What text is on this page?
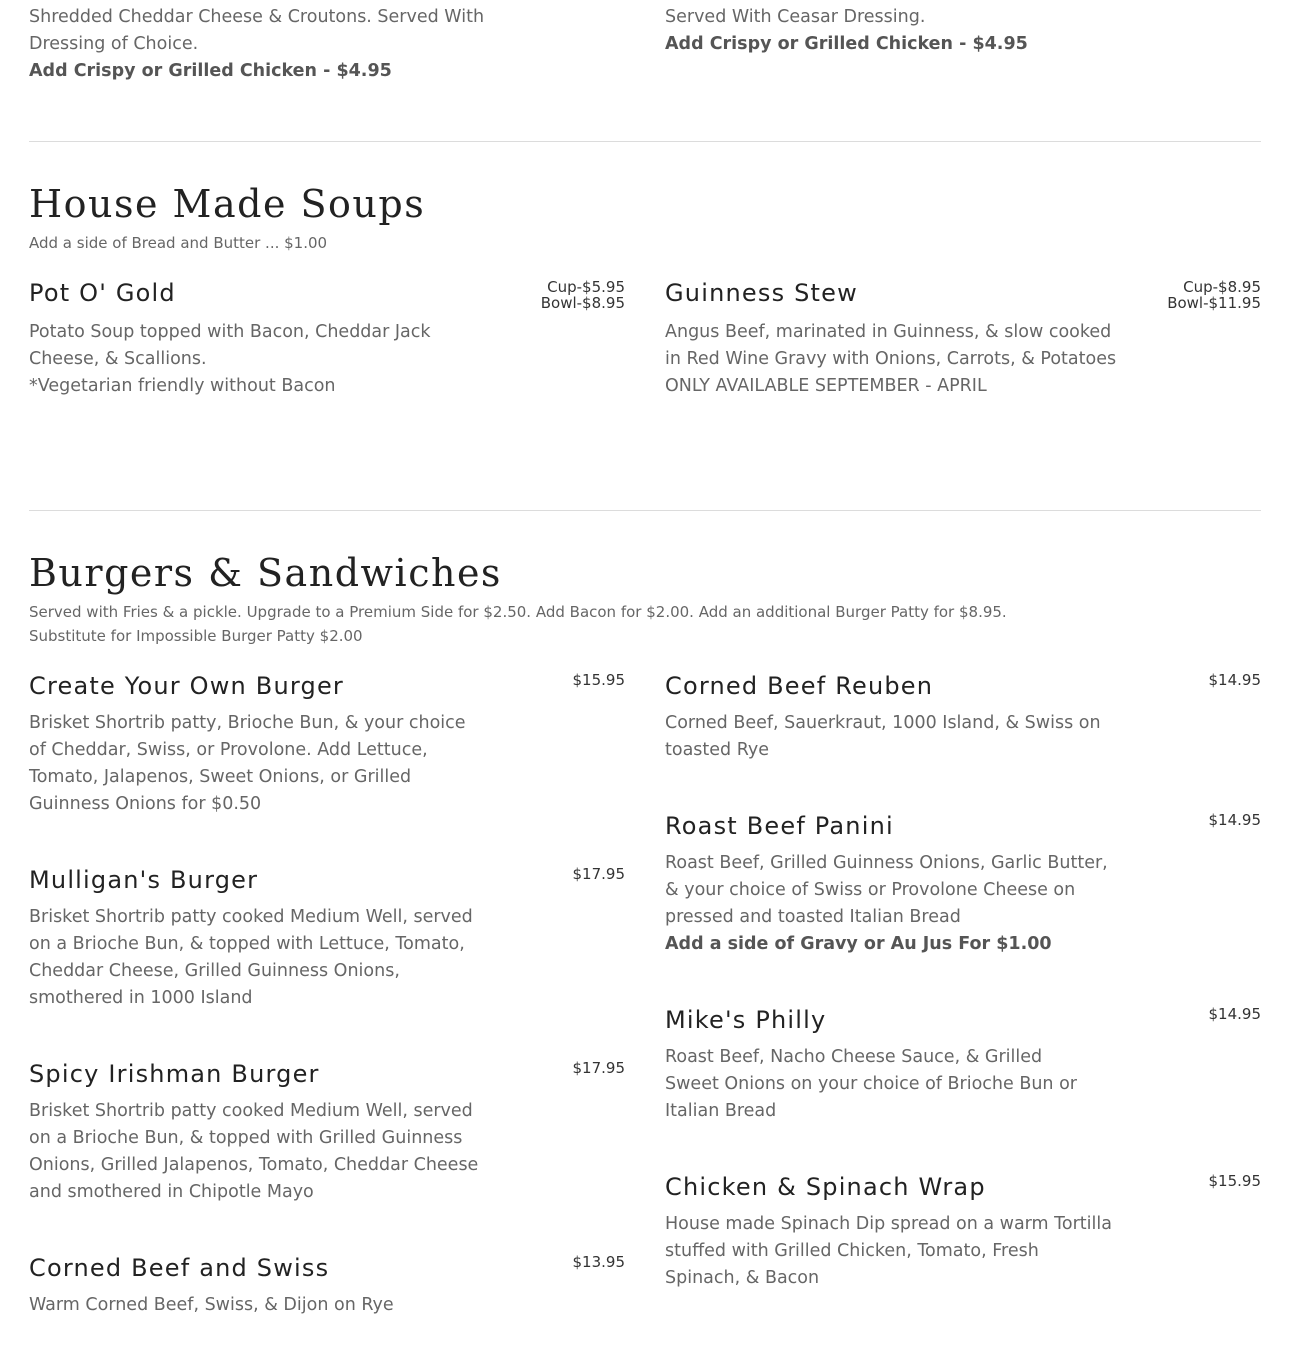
Shredded Cheddar Cheese & Croutons. Served With
Dressing of Choice.
Add Crispy or Grilled Chicken - $4.95
Served With Ceasar Dressing.
Add Crispy or Grilled Chicken - $4.95
House Made Soups
Add a side of Bread and Butter ... $1.00
Pot O' Gold	Cup-$5.95
Bowl-$8.95
Potato Soup topped with Bacon, Cheddar Jack
Cheese, & Scallions.
*Vegetarian friendly without Bacon
Guinness Stew	Cup-$8.95
Bowl-$11.95
Angus Beef, marinated in Guinness, & slow cooked
in Red Wine Gravy with Onions, Carrots, & Potatoes
ONLY AVAILABLE SEPTEMBER - APRIL
Burgers & Sandwiches
Served with Fries & a pickle. Upgrade to a Premium Side for $2.50. Add Bacon for $2.00. Add an additional Burger Patty for $8.95.
Substitute for Impossible Burger Patty $2.00
Create Your Own Burger	$15.95
Brisket Shortrib patty, Brioche Bun, & your choice
of Cheddar, Swiss, or Provolone. Add Lettuce,
Tomato, Jalapenos, Sweet Onions, or Grilled
Guinness Onions for $0.50
Mulligan's Burger	$17.95
Brisket Shortrib patty cooked Medium Well, served
on a Brioche Bun, & topped with Lettuce, Tomato,
Cheddar Cheese, Grilled Guinness Onions,
smothered in 1000 Island
Spicy Irishman Burger	$17.95
Brisket Shortrib patty cooked Medium Well, served
on a Brioche Bun, & topped with Grilled Guinness
Onions, Grilled Jalapenos, Tomato, Cheddar Cheese
and smothered in Chipotle Mayo
Corned Beef and Swiss	$13.95
Warm Corned Beef, Swiss, & Dijon on Rye
Corned Beef Reuben	$14.95
Corned Beef, Sauerkraut, 1000 Island, & Swiss on
toasted Rye
Roast Beef Panini	$14.95
Roast Beef, Grilled Guinness Onions, Garlic Butter,
& your choice of Swiss or Provolone Cheese on
pressed and toasted Italian Bread
Add a side of Gravy or Au Jus For $1.00
Mike's Philly	$14.95
Roast Beef, Nacho Cheese Sauce, & Grilled
Sweet Onions on your choice of Brioche Bun or
Italian Bread
Chicken & Spinach Wrap	$15.95
House made Spinach Dip spread on a warm Tortilla
stuffed with Grilled Chicken, Tomato, Fresh
Spinach, & Bacon
